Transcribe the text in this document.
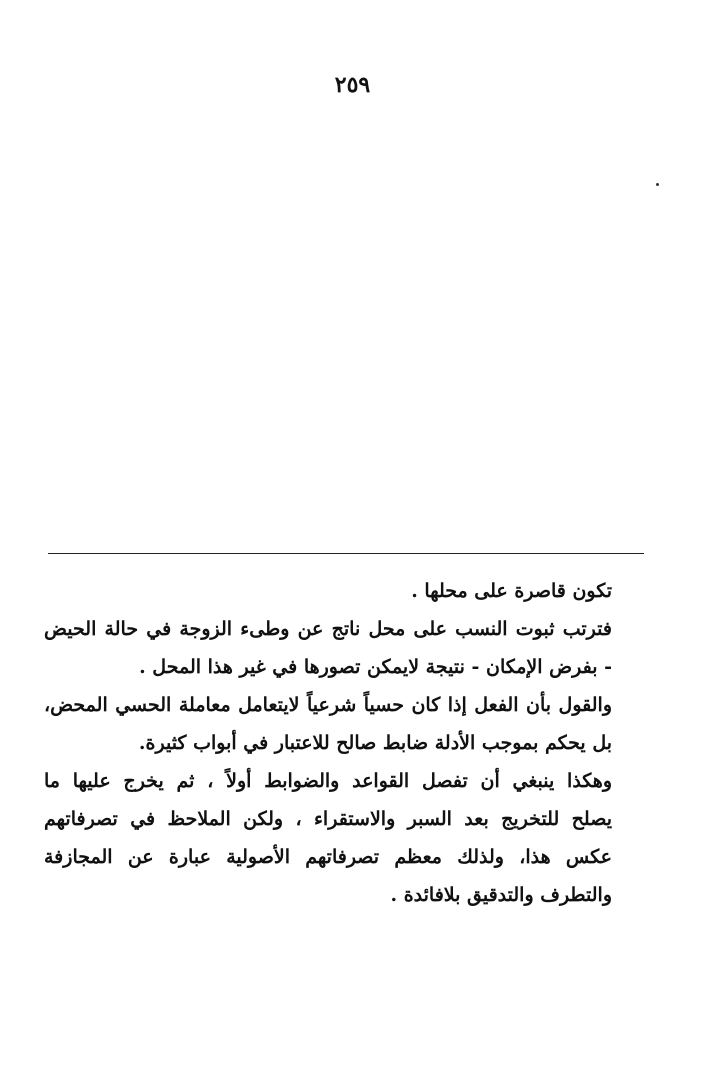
٢٥٩
تكون قاصرة على محلها .
فترتب ثبوت النسب على محل ناتج عن وطىء الزوجة في حالة الحيض
- بفرض الإمكان - نتيجة لايمكن تصورها في غير هذا المحل .
والقول بأن الفعل إذا كان حسياً شرعياً لايتعامل معاملة الحسي المحض،
بل يحكم بموجب الأدلة ضابط صالح للاعتبار في أبواب كثيرة.
وهكذا ينبغي أن تفصل القواعد والضوابط أولاً ، ثم يخرج عليها ما
يصلح للتخريج بعد السبر والاستقراء ، ولكن الملاحظ في تصرفاتهم
عكس هذا، ولذلك معظم تصرفاتهم الأصولية عبارة عن المجازفة
والتطرف والتدقيق بلافائدة .
